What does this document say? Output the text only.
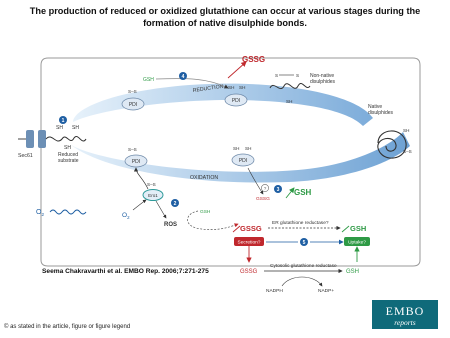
The production of reduced or oxidized glutathione can occur at various stages during the formation of native disulphide bonds.
Sec61
SH SH
SH
Reduced substrate
1
PDI
S–S
PDI
SH SH
REDUCTION
GSH
GSSG
4	S	S
SH
Non-native disulphides
Native disulphides
SH
S–S
PDI
S–S
PDI
SH SH
OXIDATION
Ero1
S–S
2
?
GSSG
3 GSH
$O_2$	$O_2$
ROS
GSH
GSSG
ER glutathione reductase?
GSH
Secretion?	Uptake?
5
GSSG
Cytosolic glutathione reductase
GSH
NADPH	NADP+
Seema Chakravarthi et al. EMBO Rep. 2006;7:271-275
EMBO
reports
© as stated in the article, figure or figure legend
